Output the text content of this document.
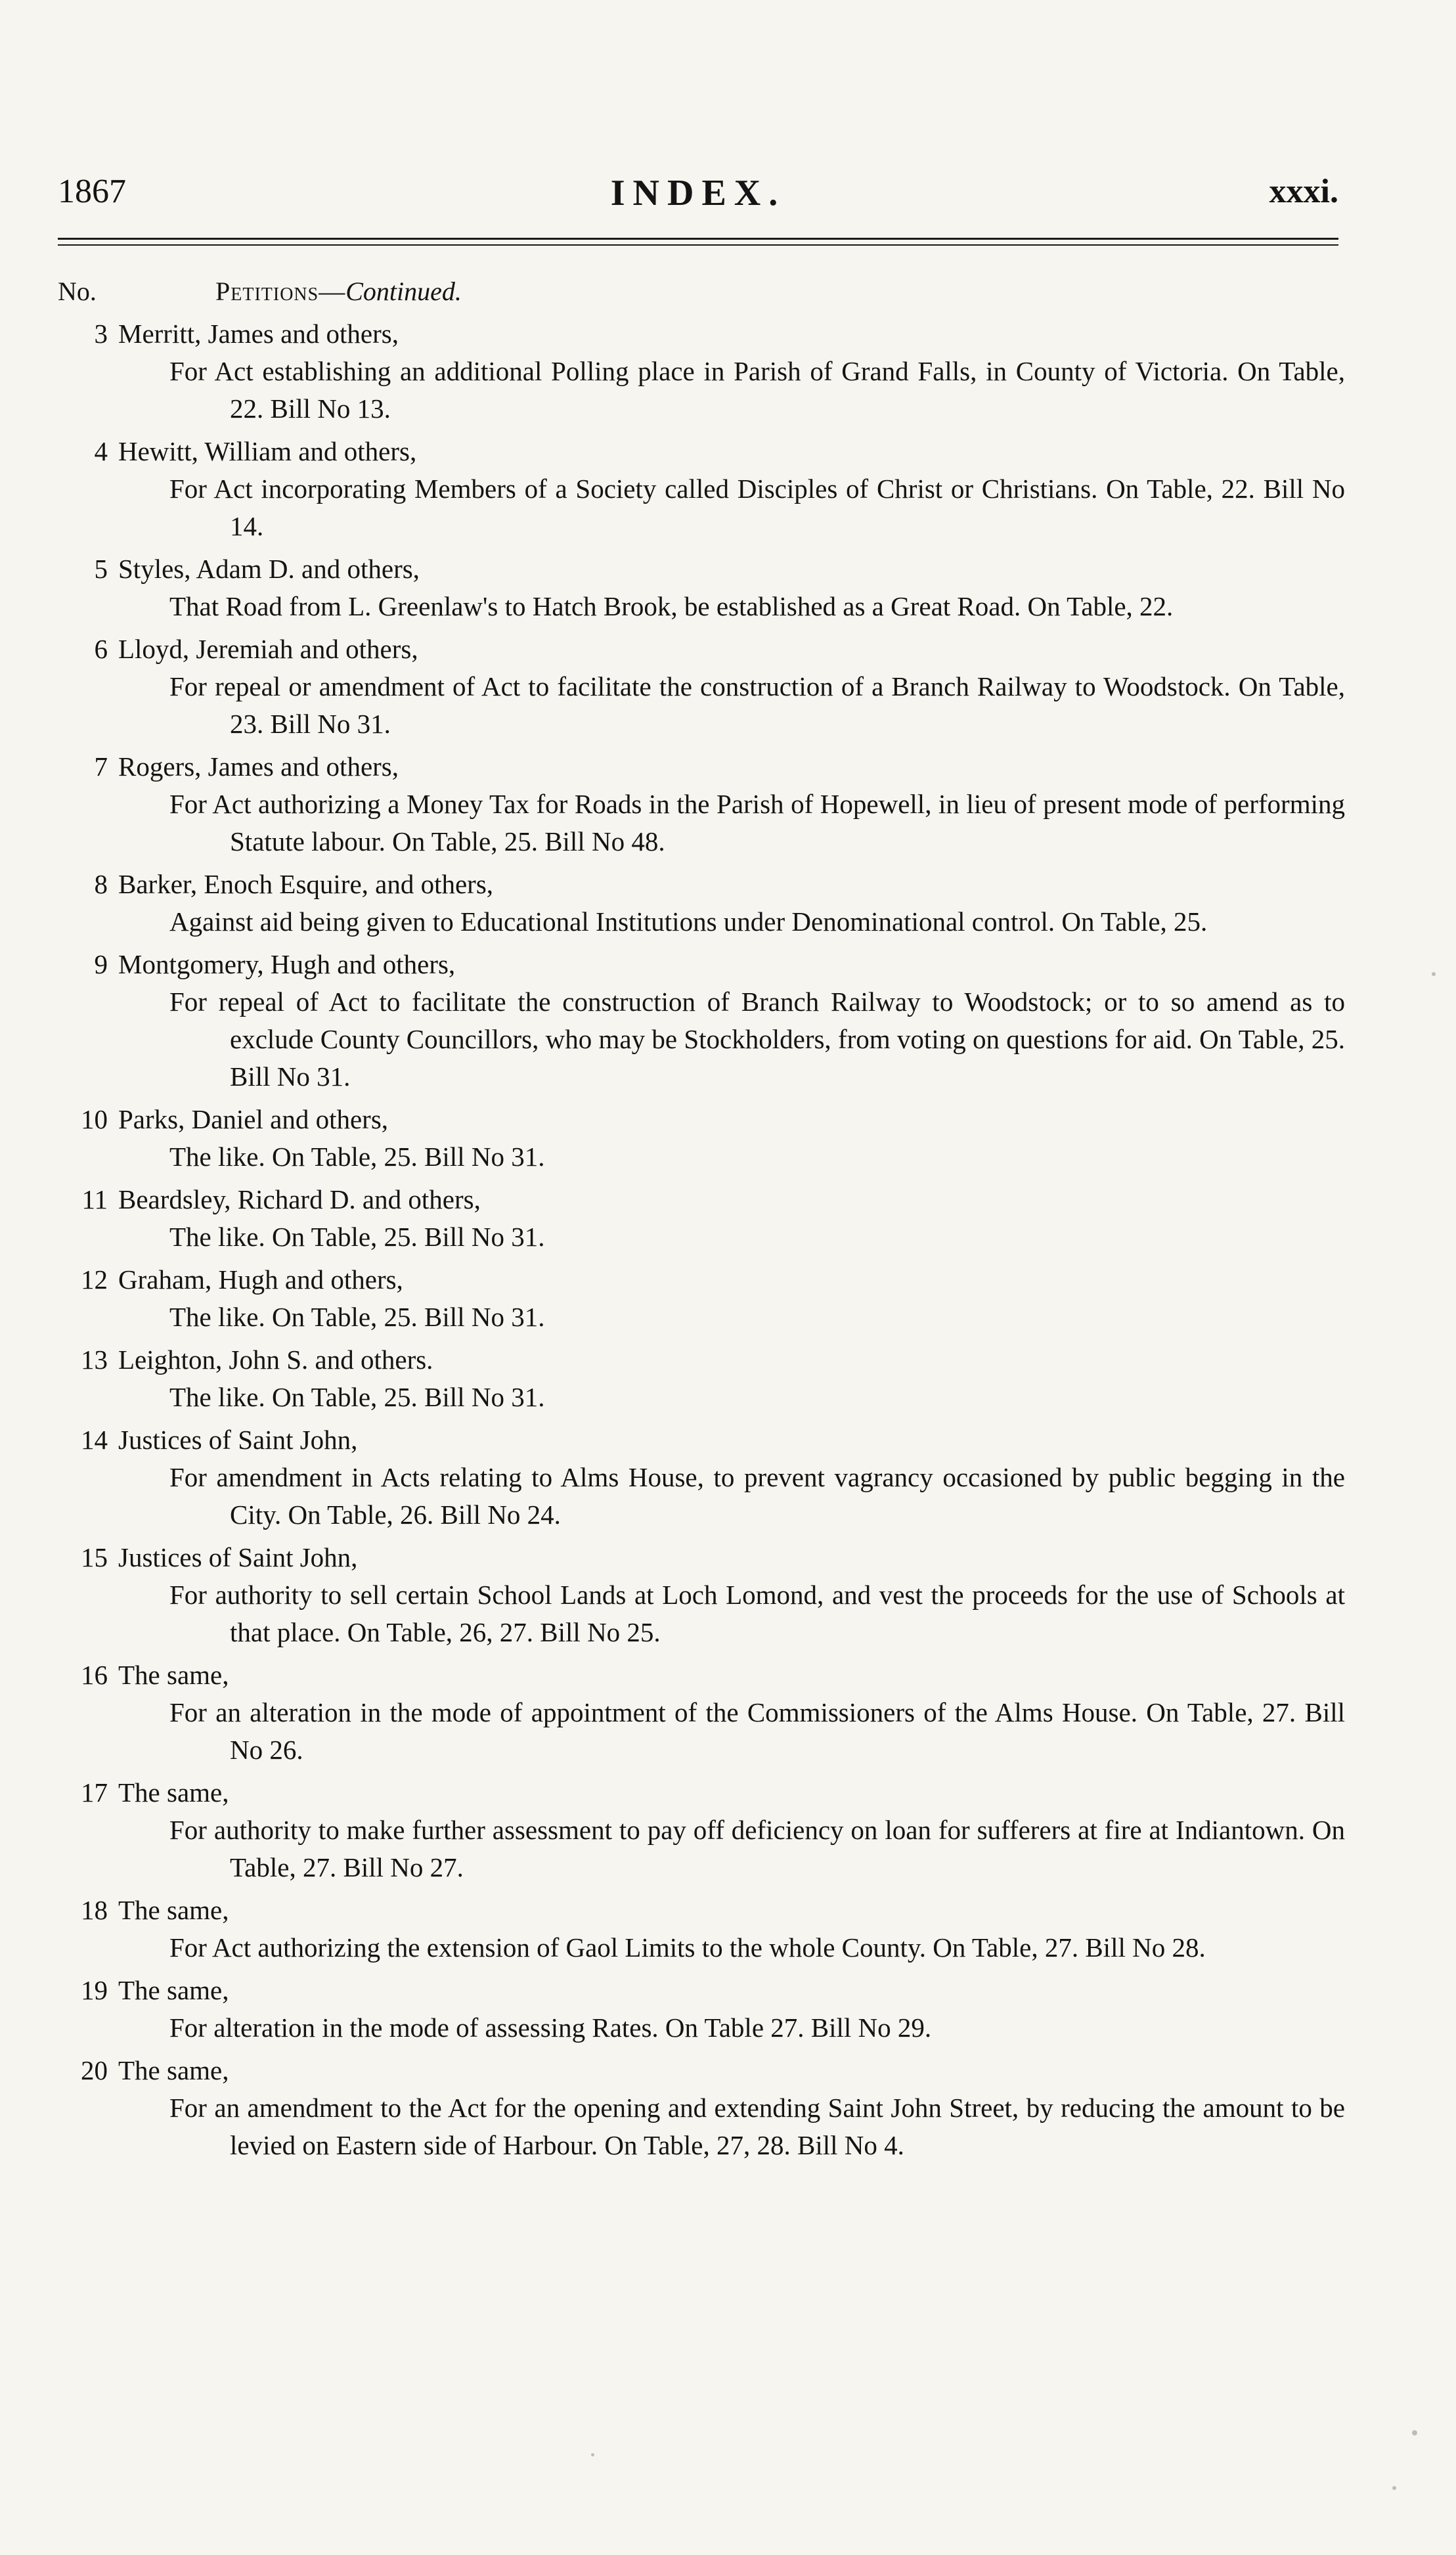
1867	INDEX.	xxxi.
No.	Petitions—Continued.
3 Merritt, James and others,
For Act establishing an additional Polling place in Parish of Grand Falls, in County of Victoria. On Table, 22. Bill No 13.
4 Hewitt, William and others,
For Act incorporating Members of a Society called Disciples of Christ or Christians. On Table, 22. Bill No 14.
5 Styles, Adam D. and others,
That Road from L. Greenlaw's to Hatch Brook, be established as a Great Road. On Table, 22.
6 Lloyd, Jeremiah and others,
For repeal or amendment of Act to facilitate the construction of a Branch Railway to Woodstock. On Table, 23. Bill No 31.
7 Rogers, James and others,
For Act authorizing a Money Tax for Roads in the Parish of Hopewell, in lieu of present mode of performing Statute labour. On Table, 25. Bill No 48.
8 Barker, Enoch Esquire, and others,
Against aid being given to Educational Institutions under Denominational control. On Table, 25.
9 Montgomery, Hugh and others,
For repeal of Act to facilitate the construction of Branch Railway to Woodstock; or to so amend as to exclude County Councillors, who may be Stockholders, from voting on questions for aid. On Table, 25. Bill No 31.
10 Parks, Daniel and others,
The like. On Table, 25. Bill No 31.
11 Beardsley, Richard D. and others,
The like. On Table, 25. Bill No 31.
12 Graham, Hugh and others,
The like. On Table, 25. Bill No 31.
13 Leighton, John S. and others.
The like. On Table, 25. Bill No 31.
14 Justices of Saint John,
For amendment in Acts relating to Alms House, to prevent vagrancy occasioned by public begging in the City. On Table, 26. Bill No 24.
15 Justices of Saint John,
For authority to sell certain School Lands at Loch Lomond, and vest the proceeds for the use of Schools at that place. On Table, 26, 27. Bill No 25.
16 The same,
For an alteration in the mode of appointment of the Commissioners of the Alms House. On Table, 27. Bill No 26.
17 The same,
For authority to make further assessment to pay off deficiency on loan for sufferers at fire at Indiantown. On Table, 27. Bill No 27.
18 The same,
For Act authorizing the extension of Gaol Limits to the whole County. On Table, 27. Bill No 28.
19 The same,
For alteration in the mode of assessing Rates. On Table 27. Bill No 29.
20 The same,
For an amendment to the Act for the opening and extending Saint John Street, by reducing the amount to be levied on Eastern side of Harbour. On Table, 27, 28. Bill No 4.
